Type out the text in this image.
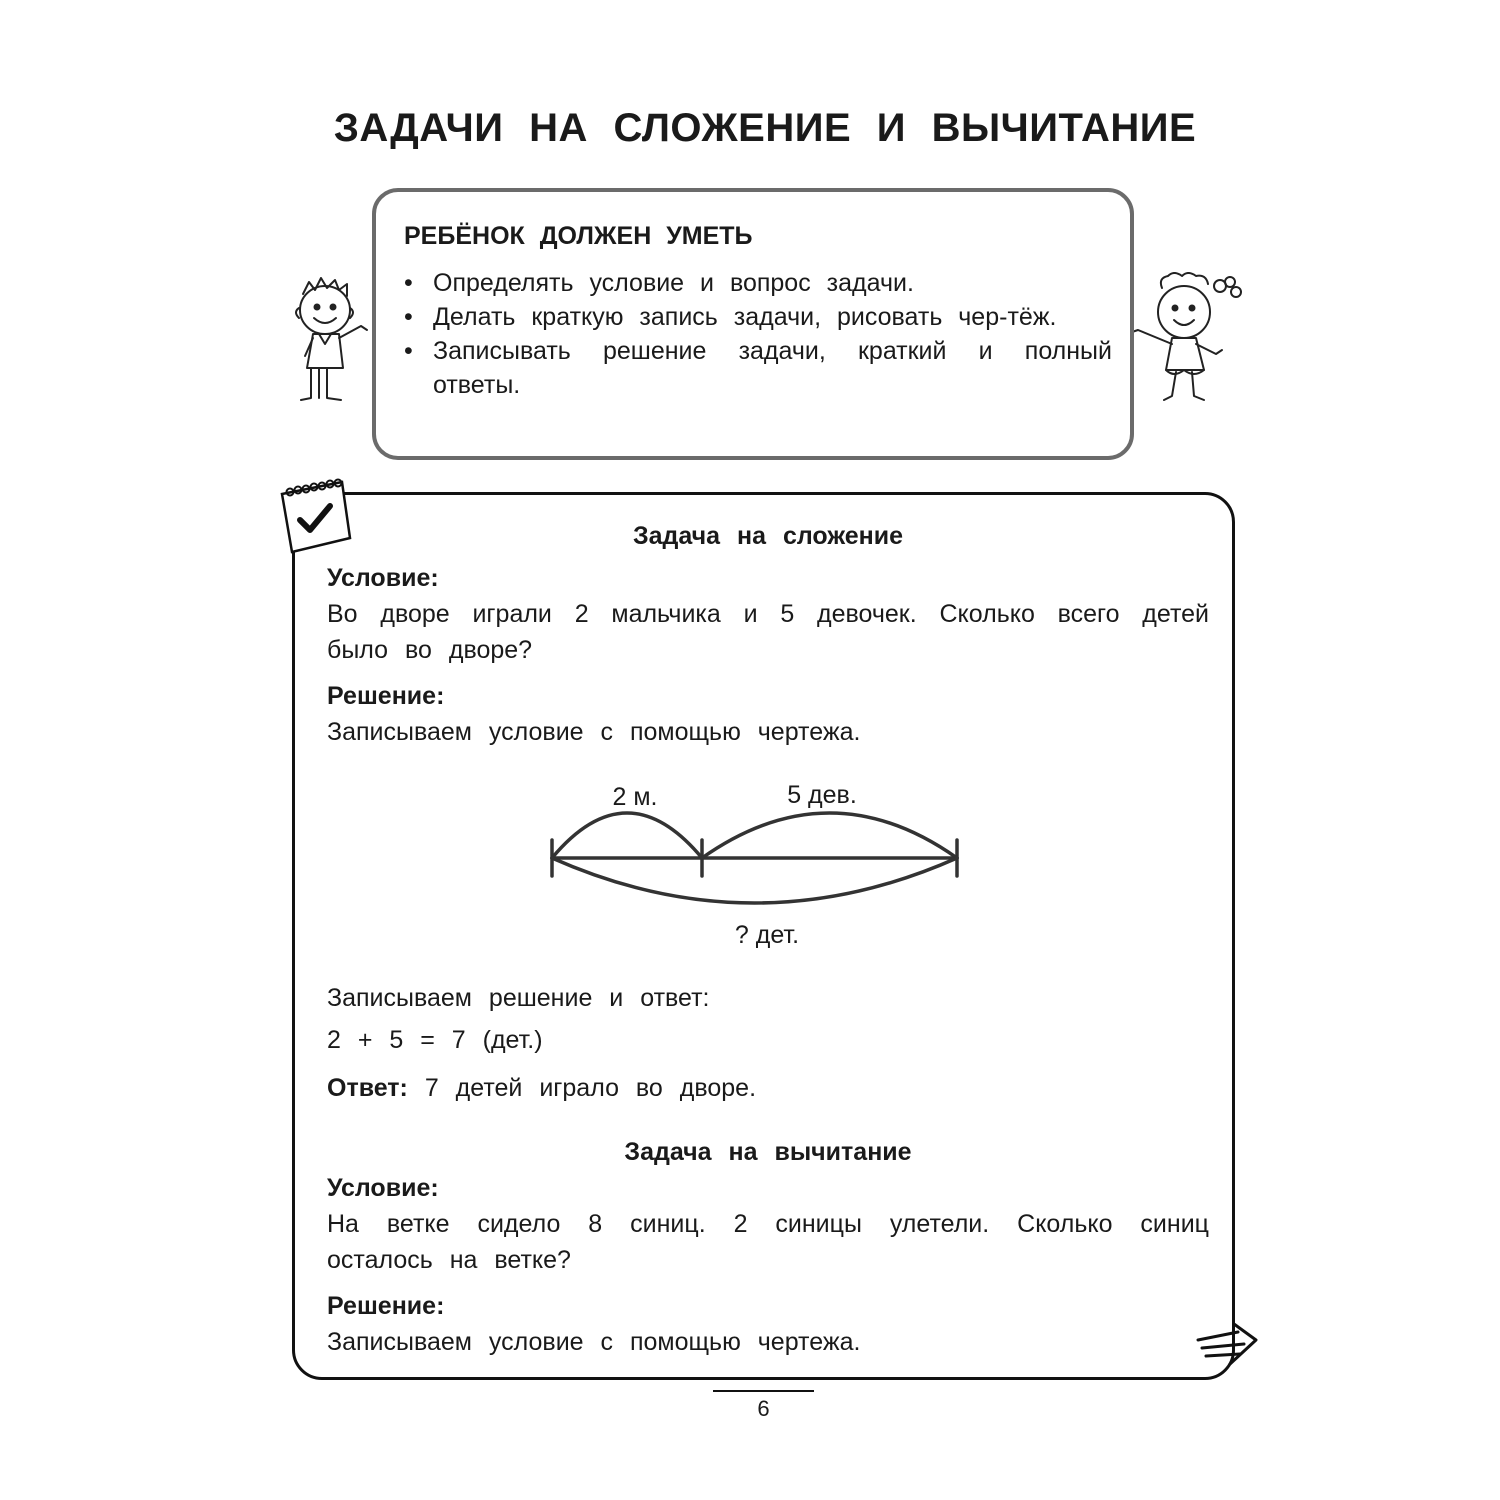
ЗАДАЧИ НА СЛОЖЕНИЕ И ВЫЧИТАНИЕ
РЕБЁНОК ДОЛЖЕН УМЕТЬ
• Определять условие и вопрос задачи.
• Делать краткую запись задачи, рисовать чер-тёж.
• Записывать решение задачи, краткий и полный ответы.
Задача на сложение
Условие:
Во дворе играли 2 мальчика и 5 девочек. Сколько всего детей было во дворе?
Решение:
Записываем условие с помощью чертежа.
2 м.	5 дев.
? дет.
Записываем решение и ответ:
2 + 5 = 7 (дет.)
Ответ: 7 детей играло во дворе.
Задача на вычитание
Условие:
На ветке сидело 8 синиц. 2 синицы улетели. Сколько синиц осталось на ветке?
Решение:
Записываем условие с помощью чертежа.
6
